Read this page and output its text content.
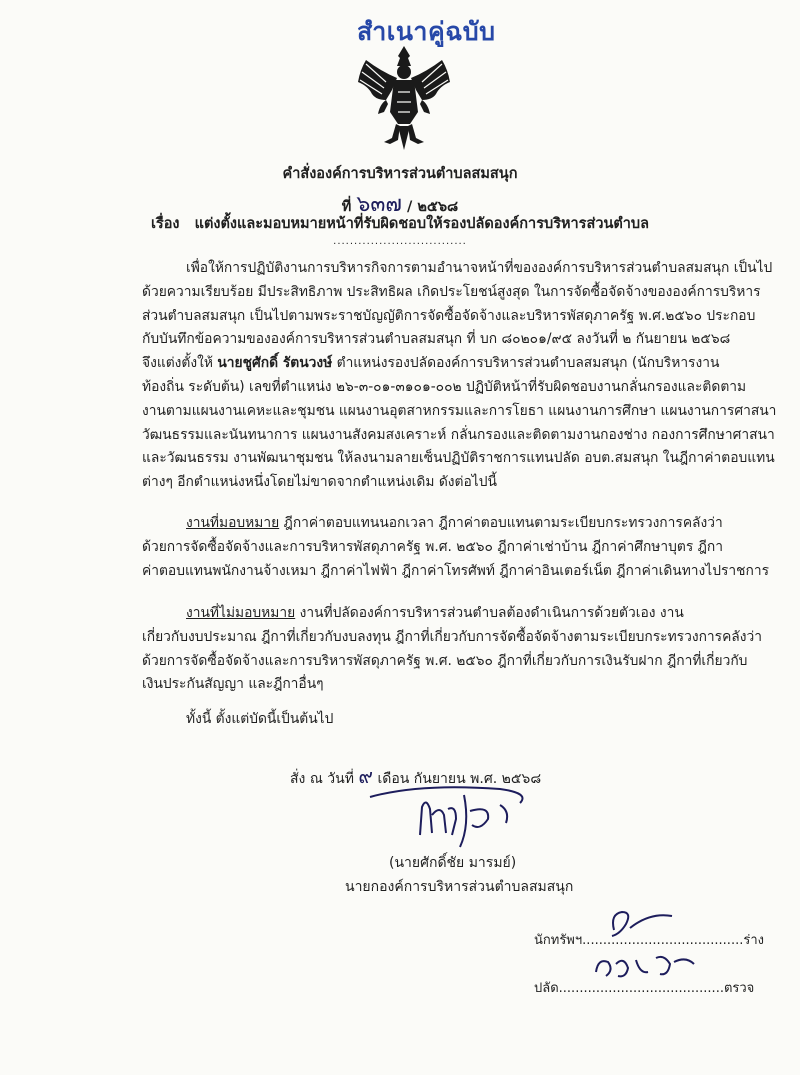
สำเนาคู่ฉบับ
คำสั่งองค์การบริหารส่วนตำบลสมสนุก
ที่ ๖๓๗ / ๒๕๖๘
เรื่อง แต่งตั้งและมอบหมายหน้าที่รับผิดชอบให้รองปลัดองค์การบริหารส่วนตำบล
................................
เพื่อให้การปฏิบัติงานการบริหารกิจการตามอำนาจหน้าที่ขององค์การบริหารส่วนตำบลสมสนุก เป็นไป
ด้วยความเรียบร้อย มีประสิทธิภาพ ประสิทธิผล เกิดประโยชน์สูงสุด ในการจัดซื้อจัดจ้างขององค์การบริหาร
ส่วนตำบลสมสนุก เป็นไปตามพระราชบัญญัติการจัดซื้อจัดจ้างและบริหารพัสดุภาครัฐ พ.ศ.๒๕๖๐ ประกอบ
กับบันทึกข้อความขององค์การบริหารส่วนตำบลสมสนุก ที่ บก ๘๐๒๐๑/๙๕ ลงวันที่ ๒ กันยายน ๒๕๖๘
จึงแต่งตั้งให้ นายชูศักดิ์ รัตนวงษ์ ตำแหน่งรองปลัดองค์การบริหารส่วนตำบลสมสนุก (นักบริหารงาน
ท้องถิ่น ระดับต้น) เลขที่ตำแหน่ง ๒๖-๓-๐๑-๓๑๐๑-๐๐๒ ปฏิบัติหน้าที่รับผิดชอบงานกลั่นกรองและติดตาม
งานตามแผนงานเคหะและชุมชน แผนงานอุตสาหกรรมและการโยธา แผนงานการศึกษา แผนงานการศาสนา
วัฒนธรรมและนันทนาการ แผนงานสังคมสงเคราะห์ กลั่นกรองและติดตามงานกองช่าง กองการศึกษาศาสนา
และวัฒนธรรม งานพัฒนาชุมชน ให้ลงนามลายเซ็นปฏิบัติราชการแทนปลัด อบต.สมสนุก ในฎีกาค่าตอบแทน
ต่างๆ อีกตำแหน่งหนึ่งโดยไม่ขาดจากตำแหน่งเดิม ดังต่อไปนี้
งานที่มอบหมาย ฎีกาค่าตอบแทนนอกเวลา ฎีกาค่าตอบแทนตามระเบียบกระทรวงการคลังว่า
ด้วยการจัดซื้อจัดจ้างและการบริหารพัสดุภาครัฐ พ.ศ. ๒๕๖๐ ฎีกาค่าเช่าบ้าน ฎีกาค่าศึกษาบุตร ฎีกา
ค่าตอบแทนพนักงานจ้างเหมา ฎีกาค่าไฟฟ้า ฎีกาค่าโทรศัพท์ ฎีกาค่าอินเตอร์เน็ต ฎีกาค่าเดินทางไปราชการ
งานที่ไม่มอบหมาย งานที่ปลัดองค์การบริหารส่วนตำบลต้องดำเนินการด้วยตัวเอง งาน
เกี่ยวกับงบประมาณ ฎีกาที่เกี่ยวกับงบลงทุน ฎีกาที่เกี่ยวกับการจัดซื้อจัดจ้างตามระเบียบกระทรวงการคลังว่า
ด้วยการจัดซื้อจัดจ้างและการบริหารพัสดุภาครัฐ พ.ศ. ๒๕๖๐ ฎีกาที่เกี่ยวกับการเงินรับฝาก ฎีกาที่เกี่ยวกับ
เงินประกันสัญญา และฎีกาอื่นๆ
ทั้งนี้ ตั้งแต่บัดนี้เป็นต้นไป
สั่ง ณ วันที่ ๙ เดือน กันยายน พ.ศ. ๒๕๖๘
(นายศักดิ์ชัย มารมย์)
นายกองค์การบริหารส่วนตำบลสมสนุก
นักทรัพฯ.......................................ร่าง
ปลัด........................................ตรวจ
